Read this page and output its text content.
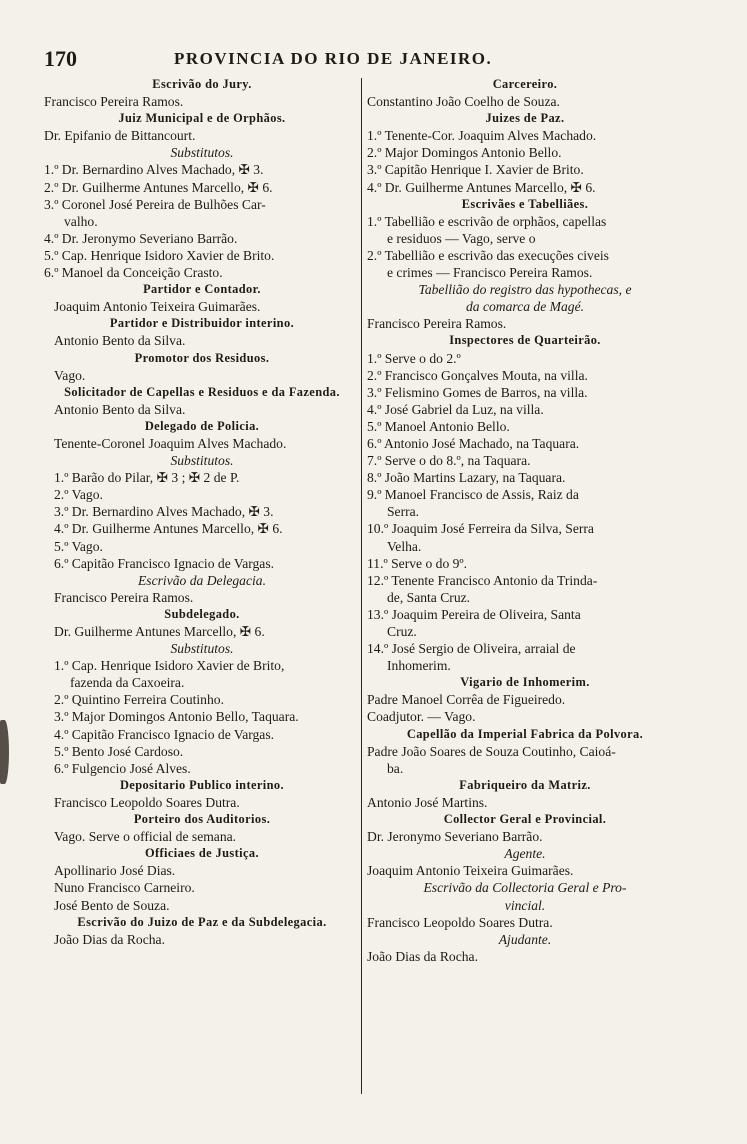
170	PROVINCIA DO RIO DE JANEIRO.
Escrivão do Jury.
Francisco Pereira Ramos.
Juiz Municipal e de Orphãos.
Dr. Epifanio de Bittancourt.
Substitutos.
1.º Dr. Bernardino Alves Machado, ✠ 3.
2.º Dr. Guilherme Antunes Marcello, ✠ 6.
3.º Coronel José Pereira de Bulhões Car-
valho.
4.º Dr. Jeronymo Severiano Barrão.
5.º Cap. Henrique Isidoro Xavier de Brito.
6.º Manoel da Conceição Crasto.
Partidor e Contador.
Joaquim Antonio Teixeira Guimarães.
Partidor e Distribuidor interino.
Antonio Bento da Silva.
Promotor dos Residuos.
Vago.
Solicitador de Capellas e Residuos e da Fazenda.
Antonio Bento da Silva.
Delegado de Policia.
Tenente-Coronel Joaquim Alves Machado.
Substitutos.
1.º Barão do Pilar, ✠ 3 ; ✠ 2 de P.
2.º Vago.
3.º Dr. Bernardino Alves Machado, ✠ 3.
4.º Dr. Guilherme Antunes Marcello, ✠ 6.
5.º Vago.
6.º Capitão Francisco Ignacio de Vargas.
Escrivão da Delegacia.
Francisco Pereira Ramos.
Subdelegado.
Dr. Guilherme Antunes Marcello, ✠ 6.
Substitutos.
1.º Cap. Henrique Isidoro Xavier de Brito,
fazenda da Caxoeira.
2.º Quintino Ferreira Coutinho.
3.º Major Domingos Antonio Bello, Taquara.
4.º Capitão Francisco Ignacio de Vargas.
5.º Bento José Cardoso.
6.º Fulgencio José Alves.
Depositario Publico interino.
Francisco Leopoldo Soares Dutra.
Porteiro dos Auditorios.
Vago. Serve o official de semana.
Officiaes de Justiça.
Apollinario José Dias.
Nuno Francisco Carneiro.
José Bento de Souza.
Escrivão do Juizo de Paz e da Subdelegacia.
João Dias da Rocha.
Carcereiro.
Constantino João Coelho de Souza.
Juizes de Paz.
1.º Tenente-Cor. Joaquim Alves Machado.
2.º Major Domingos Antonio Bello.
3.º Capitão Henrique I. Xavier de Brito.
4.º Dr. Guilherme Antunes Marcello, ✠ 6.
Escrivães e Tabelliães.
1.º Tabellião e escrivão de orphãos, capellas
e residuos — Vago, serve o
2.º Tabellião e escrivão das execuções civeis
e crimes — Francisco Pereira Ramos.
Tabellião do registro das hypothecas, e
da comarca de Magé.
Francisco Pereira Ramos.
Inspectores de Quarteirão.
1.º Serve o do 2.º
2.º Francisco Gonçalves Mouta, na villa.
3.º Felismino Gomes de Barros, na villa.
4.º José Gabriel da Luz, na villa.
5.º Manoel Antonio Bello.
6.º Antonio José Machado, na Taquara.
7.º Serve o do 8.º, na Taquara.
8.º João Martins Lazary, na Taquara.
9.º Manoel Francisco de Assis, Raiz da
Serra.
10.º Joaquim José Ferreira da Silva, Serra
Velha.
11.º Serve o do 9º.
12.º Tenente Francisco Antonio da Trinda-
de, Santa Cruz.
13.º Joaquim Pereira de Oliveira, Santa
Cruz.
14.º José Sergio de Oliveira, arraial de
Inhomerim.
Vigario de Inhomerim.
Padre Manoel Corrêa de Figueiredo.
Coadjutor. — Vago.
Capellão da Imperial Fabrica da Polvora.
Padre João Soares de Souza Coutinho, Caioá-
ba.
Fabriqueiro da Matriz.
Antonio José Martins.
Collector Geral e Provincial.
Dr. Jeronymo Severiano Barrão.
Agente.
Joaquim Antonio Teixeira Guimarães.
Escrivão da Collectoria Geral e Pro-
vincial.
Francisco Leopoldo Soares Dutra.
Ajudante.
João Dias da Rocha.
